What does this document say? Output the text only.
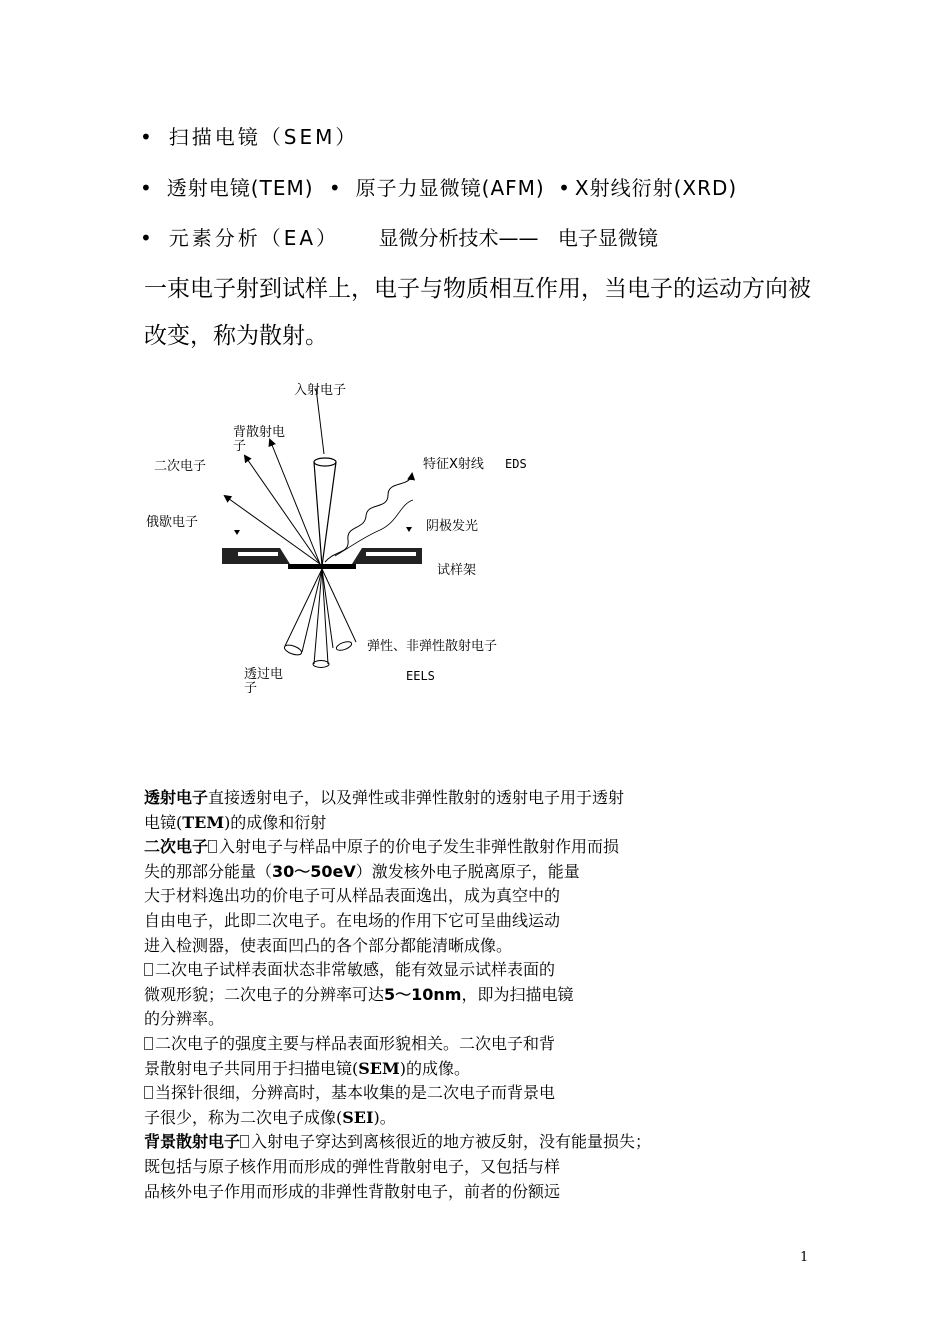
• 扫描电镜（SEM）
• 透射电镜(TEM) • 原子力显微镜(AFM) • X射线衍射(XRD)
• 元素分析（EA） 显微分析技术—— 电子显微镜
一束电子射到试样上，电子与物质相互作用，当电子的运动方向被改变，称为散射。
入射电子
背散射电
子
二次电子	特征X射线 EDS
俄歇电子	阴极发光
试样架
弹性、非弹性散射电子
透过电
子
EELS
透射电子直接透射电子，以及弹性或非弹性散射的透射电子用于透射
电镜(TEM)的成像和衍射
二次电子 入射电子与样品中原子的价电子发生非弹性散射作用而损
失的那部分能量（30～50eV）激发核外电子脱离原子，能量
大于材料逸出功的价电子可从样品表面逸出，成为真空中的
自由电子，此即二次电子。在电场的作用下它可呈曲线运动
进入检测器，使表面凹凸的各个部分都能清晰成像。
二次电子试样表面状态非常敏感，能有效显示试样表面的
微观形貌；二次电子的分辨率可达5～10nm，即为扫描电镜
的分辨率。
二次电子的强度主要与样品表面形貌相关。二次电子和背
景散射电子共同用于扫描电镜(SEM)的成像。
当探针很细，分辨高时，基本收集的是二次电子而背景电
子很少，称为二次电子成像(SEI)。
背景散射电子 入射电子穿达到离核很近的地方被反射，没有能量损失；
既包括与原子核作用而形成的弹性背散射电子，又包括与样
品核外电子作用而形成的非弹性背散射电子，前者的份额远
1
